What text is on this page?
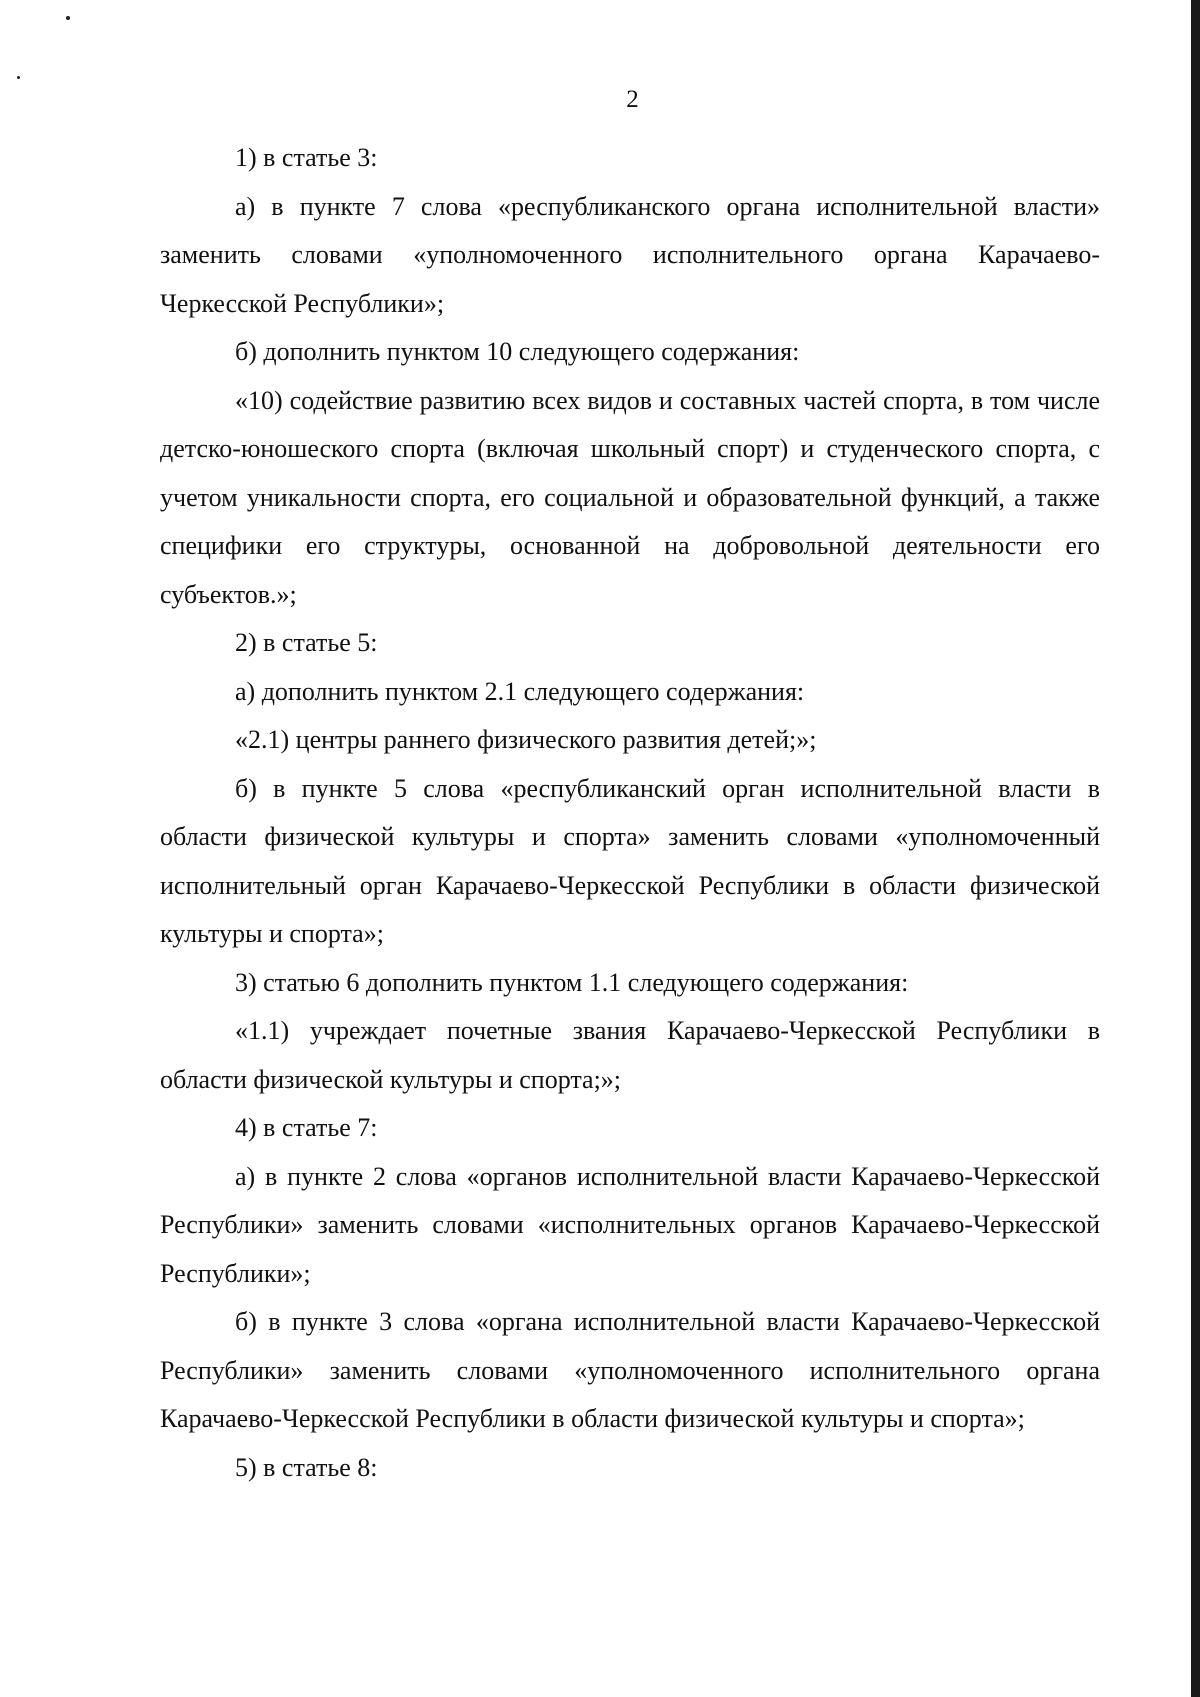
2

1) в статье 3:

а) в пункте 7 слова «республиканского органа исполнительной власти» заменить словами «уполномоченного исполнительного органа Карачаево-Черкесской Республики»;

б) дополнить пунктом 10 следующего содержания:

«10) содействие развитию всех видов и составных частей спорта, в том числе детско-юношеского спорта (включая школьный спорт) и студенческого спорта, с учетом уникальности спорта, его социальной и образовательной функций, а также специфики его структуры, основанной на добровольной деятельности его субъектов.»;

2) в статье 5:

а) дополнить пунктом 2.1 следующего содержания:

«2.1) центры раннего физического развития детей;»;

б) в пункте 5 слова «республиканский орган исполнительной власти в области физической культуры и спорта» заменить словами «уполномоченный исполнительный орган Карачаево-Черкесской Республики в области физической культуры и спорта»;

3) статью 6 дополнить пунктом 1.1 следующего содержания:

«1.1) учреждает почетные звания Карачаево-Черкесской Республики в области физической культуры и спорта;»;

4) в статье 7:

а) в пункте 2 слова «органов исполнительной власти Карачаево-Черкесской Республики» заменить словами «исполнительных органов Карачаево-Черкесской Республики»;

б) в пункте 3 слова «органа исполнительной власти Карачаево-Черкесской Республики» заменить словами «уполномоченного исполнительного органа Карачаево-Черкесской Республики в области физической культуры и спорта»;

5) в статье 8:
